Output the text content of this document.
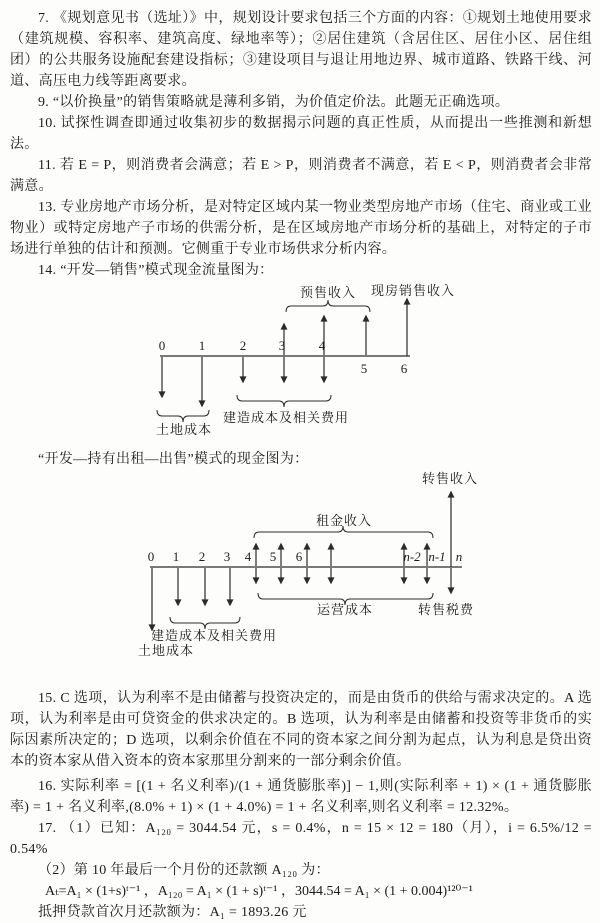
7. 《规划意见书（选址）》中，规划设计要求包括三个方面的内容：①规划土地使用要求（建筑规模、容积率、建筑高度、绿地率等）；②居住建筑（含居住区、居住小区、居住组团）的公共服务设施配套建设指标；③建设项目与退让用地边界、城市道路、铁路干线、河道、高压电力线等距离要求。

9. “以价换量”的销售策略就是薄利多销，为价值定价法。此题无正确选项。

10. 试探性调查即通过收集初步的数据揭示问题的真正性质，从而提出一些推测和新想法。

11. 若 E = P，则消费者会满意；若 E > P，则消费者不满意，若 E < P，则消费者会非常满意。

13. 专业房地产市场分析，是对特定区域内某一物业类型房地产市场（住宅、商业或工业物业）或特定房地产子市场的供需分析，是在区域房地产市场分析的基础上，对特定的子市场进行单独的估计和预测。它侧重于专业市场供求分析内容。

14. “开发—销售”模式现金流量图为：

0	1	2	3	4
5	6
预售收入 现房销售收入
土地成本
建造成本及相关费用

“开发—持有出租—出售”模式的现金图为：

0 1 2 3 4 5 6	n-2 n-1 n
租金收入
转售收入
运营成本	转售税费
建造成本及相关费用
土地成本

15. C 选项，认为利率不是由储蓄与投资决定的，而是由货币的供给与需求决定的。A 选项，认为利率是由可贷资金的供求决定的。B 选项，认为利率是由储蓄和投资等非货币的实际因素所决定的；D 选项，以剩余价值在不同的资本家之间分割为起点，认为利息是贷出资本的资本家从借入资本的资本家那里分割来的一部分剩余价值。

16. 实际利率 = [(1 + 名义利率)/(1 + 通货膨胀率)] − 1,则(实际利率 + 1) × (1 + 通货膨胀率) = 1 + 名义利率,(8.0% + 1) × (1 + 4.0%) = 1 + 名义利率,则名义利率 = 12.32%。

17. （1）已知：A₁₂₀ = 3044.54 元，s = 0.4%，n = 15 × 12 = 180（月），i = 6.5%/12 = 0.54%

（2）第 10 年最后一个月份的还款额 A₁₂₀ 为：

Aₜ=A₁ × (1+s)ᵗ⁻¹ ，A₁₂₀ = A₁ × (1 + s)ᵗ⁻¹ ，3044.54 = A₁ × (1 + 0.004)¹²⁰⁻¹

抵押贷款首次月还款额为：A₁ = 1893.26 元
